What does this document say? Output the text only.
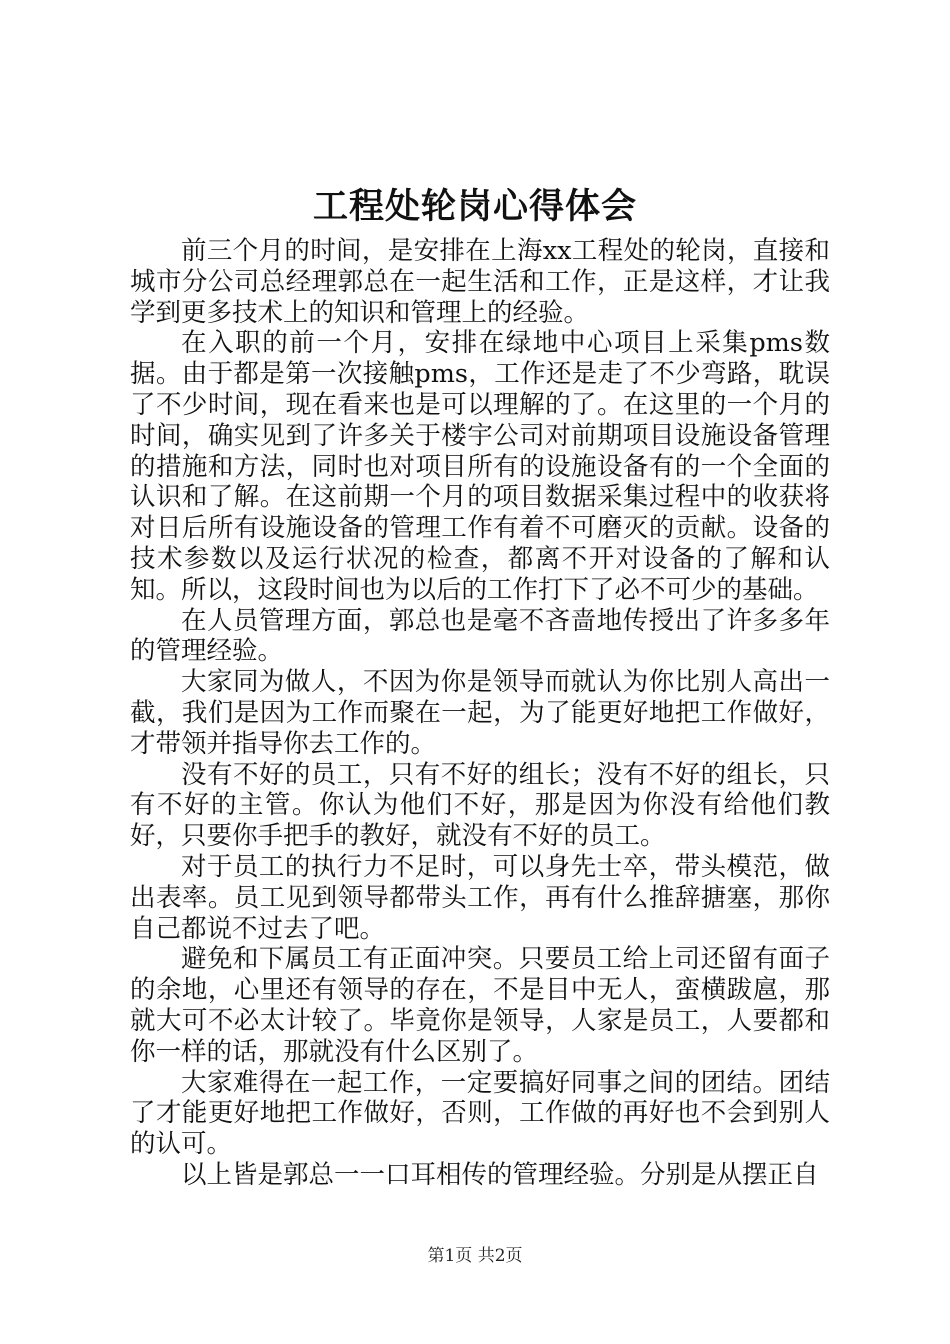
工程处轮岗心得体会

前三个月的时间，是安排在上海xx工程处的轮岗，直接和城市分公司总经理郭总在一起生活和工作，正是这样，才让我学到更多技术上的知识和管理上的经验。

在入职的前一个月，安排在绿地中心项目上采集pms数据。由于都是第一次接触pms，工作还是走了不少弯路，耽误了不少时间，现在看来也是可以理解的了。在这里的一个月的时间，确实见到了许多关于楼宇公司对前期项目设施设备管理的措施和方法，同时也对项目所有的设施设备有的一个全面的认识和了解。在这前期一个月的项目数据采集过程中的收获将对日后所有设施设备的管理工作有着不可磨灭的贡献。设备的技术参数以及运行状况的检查，都离不开对设备的了解和认知。所以，这段时间也为以后的工作打下了必不可少的基础。

在人员管理方面，郭总也是毫不吝啬地传授出了许多多年的管理经验。

大家同为做人，不因为你是领导而就认为你比别人高出一截，我们是因为工作而聚在一起，为了能更好地把工作做好，才带领并指导你去工作的。

没有不好的员工，只有不好的组长；没有不好的组长，只有不好的主管。你认为他们不好，那是因为你没有给他们教好，只要你手把手的教好，就没有不好的员工。

对于员工的执行力不足时，可以身先士卒，带头模范，做出表率。员工见到领导都带头工作，再有什么推辞搪塞，那你自己都说不过去了吧。

避免和下属员工有正面冲突。只要员工给上司还留有面子的余地，心里还有领导的存在，不是目中无人，蛮横跋扈，那就大可不必太计较了。毕竟你是领导，人家是员工，人要都和你一样的话，那就没有什么区别了。

大家难得在一起工作，一定要搞好同事之间的团结。团结了才能更好地把工作做好，否则，工作做的再好也不会到别人的认可。

以上皆是郭总一一口耳相传的管理经验。分别是从摆正自

第1页 共2页
